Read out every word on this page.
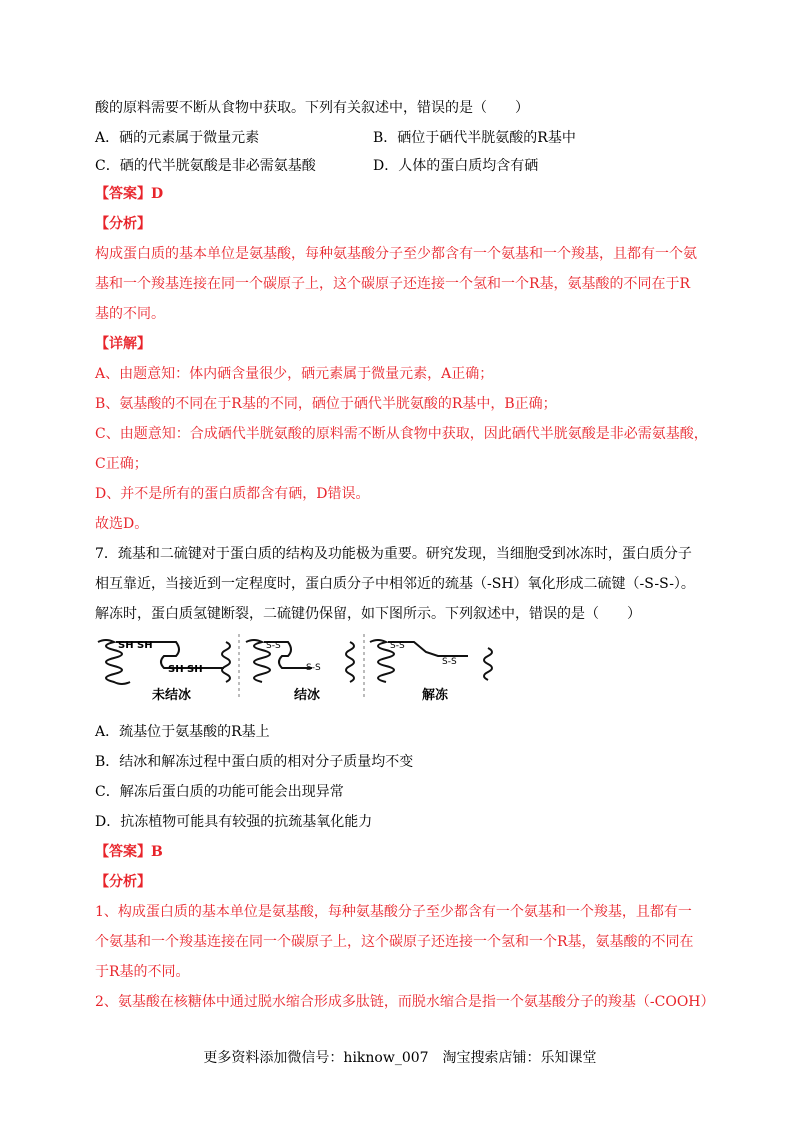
酸的原料需要不断从食物中获取。下列有关叙述中，错误的是（　　）
A．硒的元素属于微量元素	B．硒位于硒代半胱氨酸的R基中
C．硒的代半胱氨酸是非必需氨基酸	D．人体的蛋白质均含有硒
【答案】D
【分析】
构成蛋白质的基本单位是氨基酸，每种氨基酸分子至少都含有一个氨基和一个羧基，且都有一个氨
基和一个羧基连接在同一个碳原子上，这个碳原子还连接一个氢和一个R基，氨基酸的不同在于R
基的不同。
【详解】
A、由题意知：体内硒含量很少，硒元素属于微量元素，A正确；
B、氨基酸的不同在于R基的不同，硒位于硒代半胱氨酸的R基中，B正确；
C、由题意知：合成硒代半胱氨酸的原料需不断从食物中获取，因此硒代半胱氨酸是非必需氨基酸，
C正确；
D、并不是所有的蛋白质都含有硒，D错误。
故选D。
7．巯基和二硫键对于蛋白质的结构及功能极为重要。研究发现，当细胞受到冰冻时，蛋白质分子
相互靠近，当接近到一定程度时，蛋白质分子中相邻近的巯基（-SH）氧化形成二硫键（-S-S-）。
解冻时，蛋白质氢键断裂，二硫键仍保留，如下图所示。下列叙述中，错误的是（　　）
SH SH
SH SH
S-S
S-S
S-S
S-S
未结冰	结冰	解冻
A．巯基位于氨基酸的R基上
B．结冰和解冻过程中蛋白质的相对分子质量均不变
C．解冻后蛋白质的功能可能会出现异常
D．抗冻植物可能具有较强的抗巯基氧化能力
【答案】B
【分析】
1、构成蛋白质的基本单位是氨基酸，每种氨基酸分子至少都含有一个氨基和一个羧基，且都有一
个氨基和一个羧基连接在同一个碳原子上，这个碳原子还连接一个氢和一个R基，氨基酸的不同在
于R基的不同。
2、氨基酸在核糖体中通过脱水缩合形成多肽链，而脱水缩合是指一个氨基酸分子的羧基（-COOH）
更多资料添加微信号：hiknow_007　淘宝搜索店铺：乐知课堂
